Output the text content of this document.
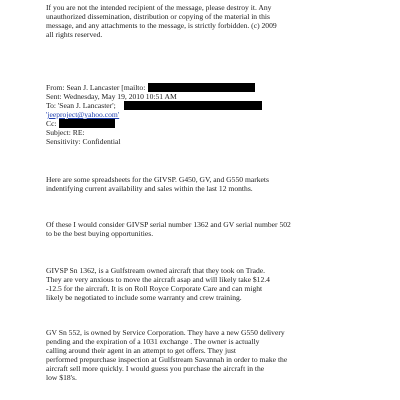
If you are not the intended recipient of the message, please destroy it. Any
unauthorized dissemination, distribution or copying of the material in this
message, and any attachments to the message, is strictly forbidden. (c) 2009
all rights reserved.
From: Sean J. Lancaster [mailto:
Sent: Wednesday, May 19, 2010 10:51 AM
To: 'Sean J. Lancaster';
'jeeproject@yahoo.com'
Cc:
Subject: RE:
Sensitivity: Confidential
Here are some spreadsheets for the GIVSP. G450, GV, and G550 markets
indentifying current availability and sales within the last 12 months.
Of these I would consider GIVSP serial number 1362 and GV serial number 502
to be the best buying opportunities.
GIVSP Sn 1362, is a Gulfstream owned aircraft that they took on Trade.
They are very anxious to move the aircraft asap and will likely take $12.4
-12.5 for the aircraft. It is on Roll Royce Corporate Care and can might
likely be negotiated to include some warranty and crew training.
GV Sn 552, is owned by Service Corporation. They have a new G550 delivery
pending and the expiration of a 1031 exchange . The owner is actually
calling around their agent in an attempt to get offers. They just
performed prepurchase inspection at Gulfstream Savannah in order to make the
aircraft sell more quickly. I would guess you purchase the aircraft in the
low $18's.
